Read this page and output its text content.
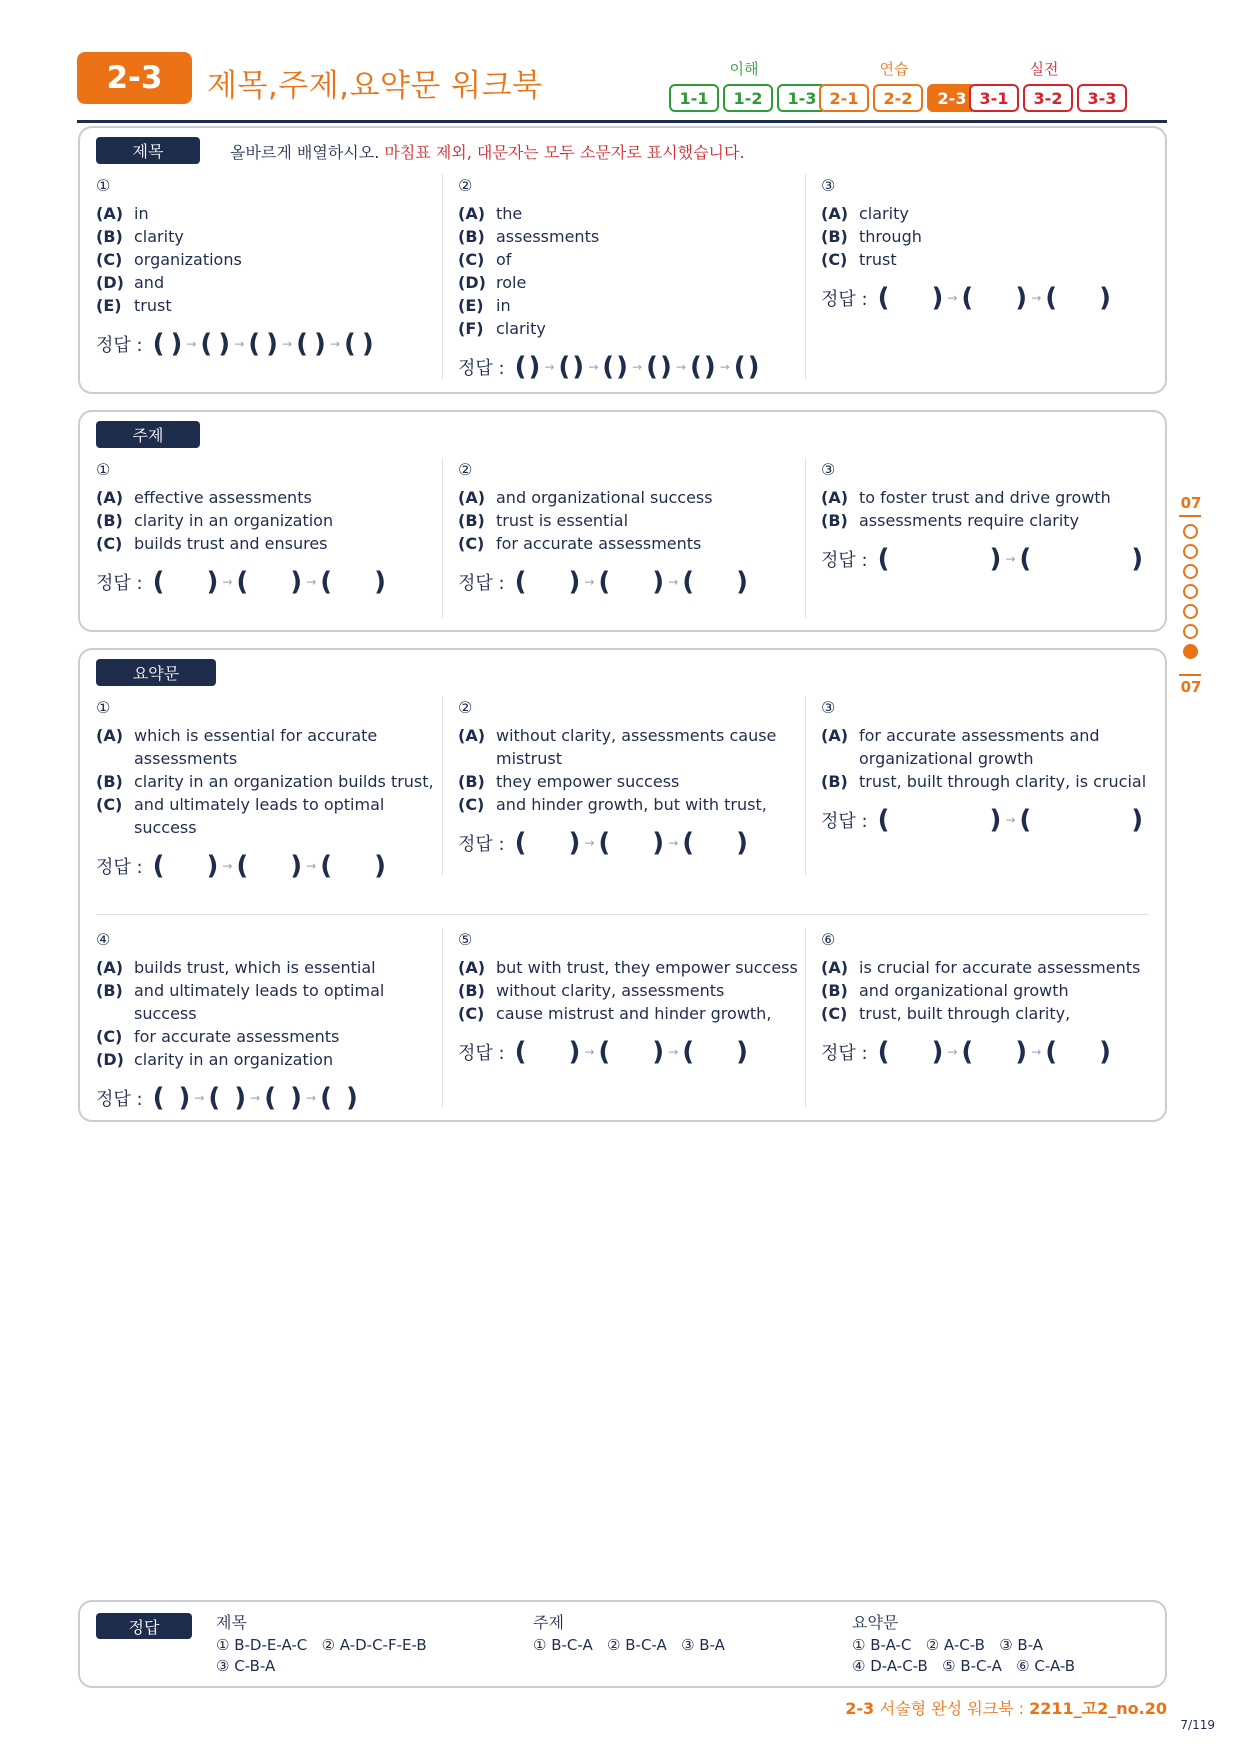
2-3	제목,주제,요약문 워크북	이해
1-1	1-2	1-3
연습
2-1	2-2	2-3
실전
3-1	3-2	3-3
제목	올바르게 배열하시오. 마침표 제외, 대문자는 모두 소문자로 표시했습니다.
①
(A) in
(B) clarity
(C) organizations
(D) and
(E) trust
정답 : ( ) → ( ) → ( ) → ( ) → ( )
②
(A) the
(B) assessments
(C) of
(D) role
(E) in
(F) clarity
정답 : (
) → (
) → (
) → (
) → (
) → (
)
③
(A) clarity
(B) through
(C) trust
정답 : ( ) → ( ) → ( )
주제
①
(A) effective assessments
(B) clarity in an organization
(C) builds trust and ensures
정답 : ( ) → ( ) → ( )
②
(A) and organizational success
(B) trust is essential
(C) for accurate assessments
정답 : ( ) → ( ) → ( )
③
(A) to foster trust and drive growth
(B) assessments require clarity
정답 : (	) → (	)
요약문
①
(A) which is essential for accurate assessments
(B) clarity in an organization builds trust,
(C) and ultimately leads to optimal success
정답 : ( ) → ( ) → ( )
②
(A) without clarity, assessments cause mistrust
(B) they empower success
(C) and hinder growth, but with trust,
정답 : ( ) → ( ) → ( )
③
(A) for accurate assessments and organizational growth
(B) trust, built through clarity, is crucial
정답 : (	) → (	)
④
(A) builds trust, which is essential
(B) and ultimately leads to optimal success
(C) for accurate assessments
(D) clarity in an organization
정답 : ( ) → ( ) → ( ) → ( )
⑤
(A) but with trust, they empower success
(B) without clarity, assessments
(C) cause mistrust and hinder growth,
정답 : ( ) → ( ) → ( )
⑥
(A) is crucial for accurate assessments
(B) and organizational growth
(C) trust, built through clarity,
정답 : ( ) → ( ) → ( )
07
07
정답	제목
① B-D-E-A-C   ② A-D-C-F-E-B
③ C-B-A
주제
① B-C-A   ② B-C-A   ③ B-A
요약문
① B-A-C   ② A-C-B   ③ B-A
④ D-A-C-B   ⑤ B-C-A   ⑥ C-A-B
2-3 서술형 완성 워크북 : 2211_고2_no.20
7/119
